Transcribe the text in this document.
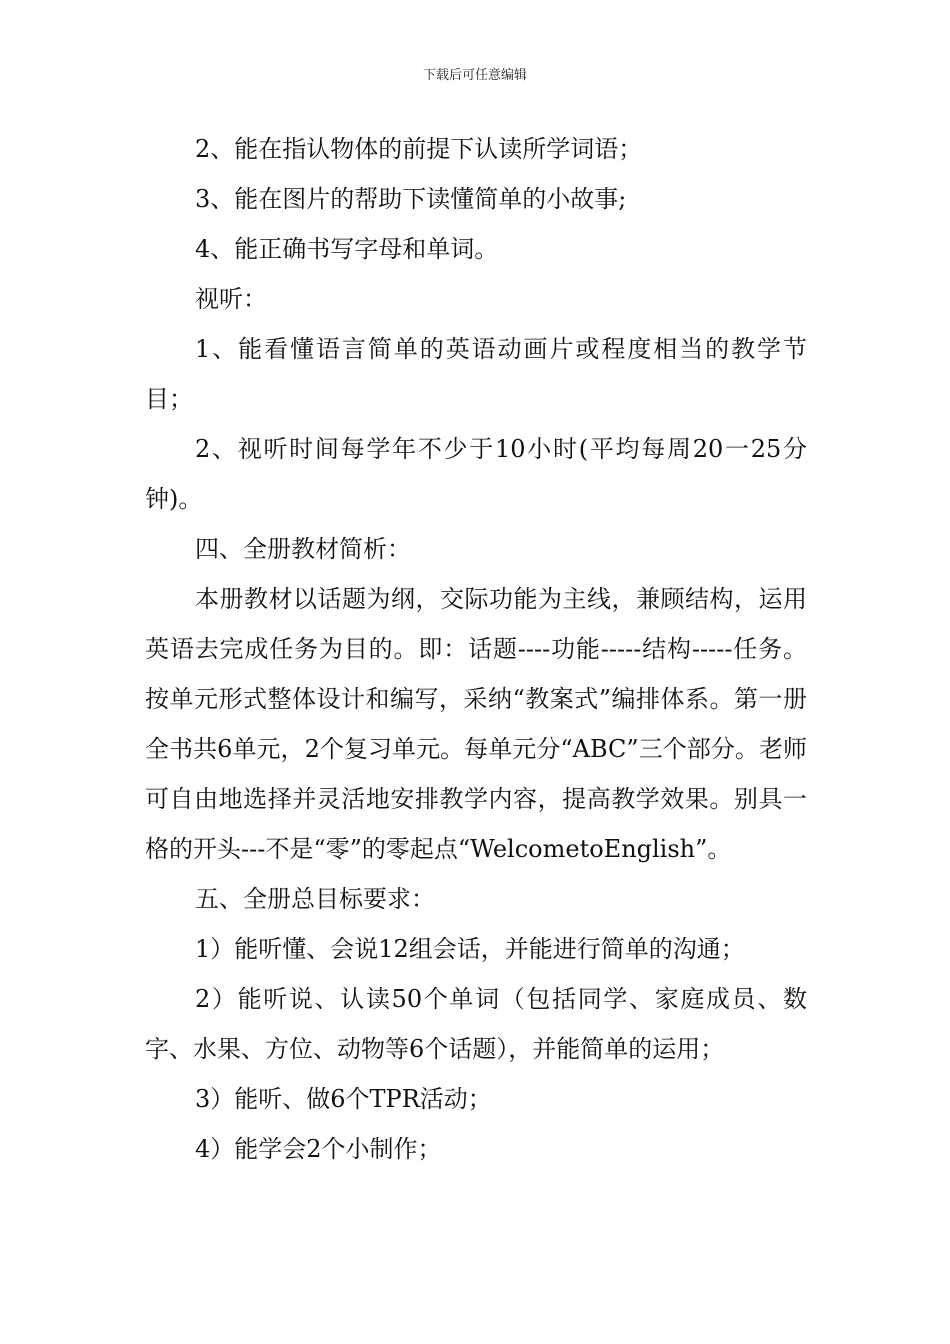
下载后可任意编辑

2、能在指认物体的前提下认读所学词语；

3、能在图片的帮助下读懂简单的小故事;

4、能正确书写字母和单词。

视听：

1、能看懂语言简单的英语动画片或程度相当的教学节目；

2、视听时间每学年不少于10小时(平均每周20一25分钟)。

四、全册教材简析：

本册教材以话题为纲，交际功能为主线，兼顾结构，运用英语去完成任务为目的。即：话题----功能-----结构-----任务。按单元形式整体设计和编写，采纳“教案式”编排体系。第一册全书共6单元，2个复习单元。每单元分“ABC”三个部分。老师可自由地选择并灵活地安排教学内容，提高教学效果。别具一格的开头---不是“零”的零起点“WelcometoEnglish”。

五、全册总目标要求：

1）能听懂、会说12组会话，并能进行简单的沟通；

2）能听说、认读50个单词（包括同学、家庭成员、数字、水果、方位、动物等6个话题），并能简单的运用；

3）能听、做6个TPR活动；

4）能学会2个小制作；
